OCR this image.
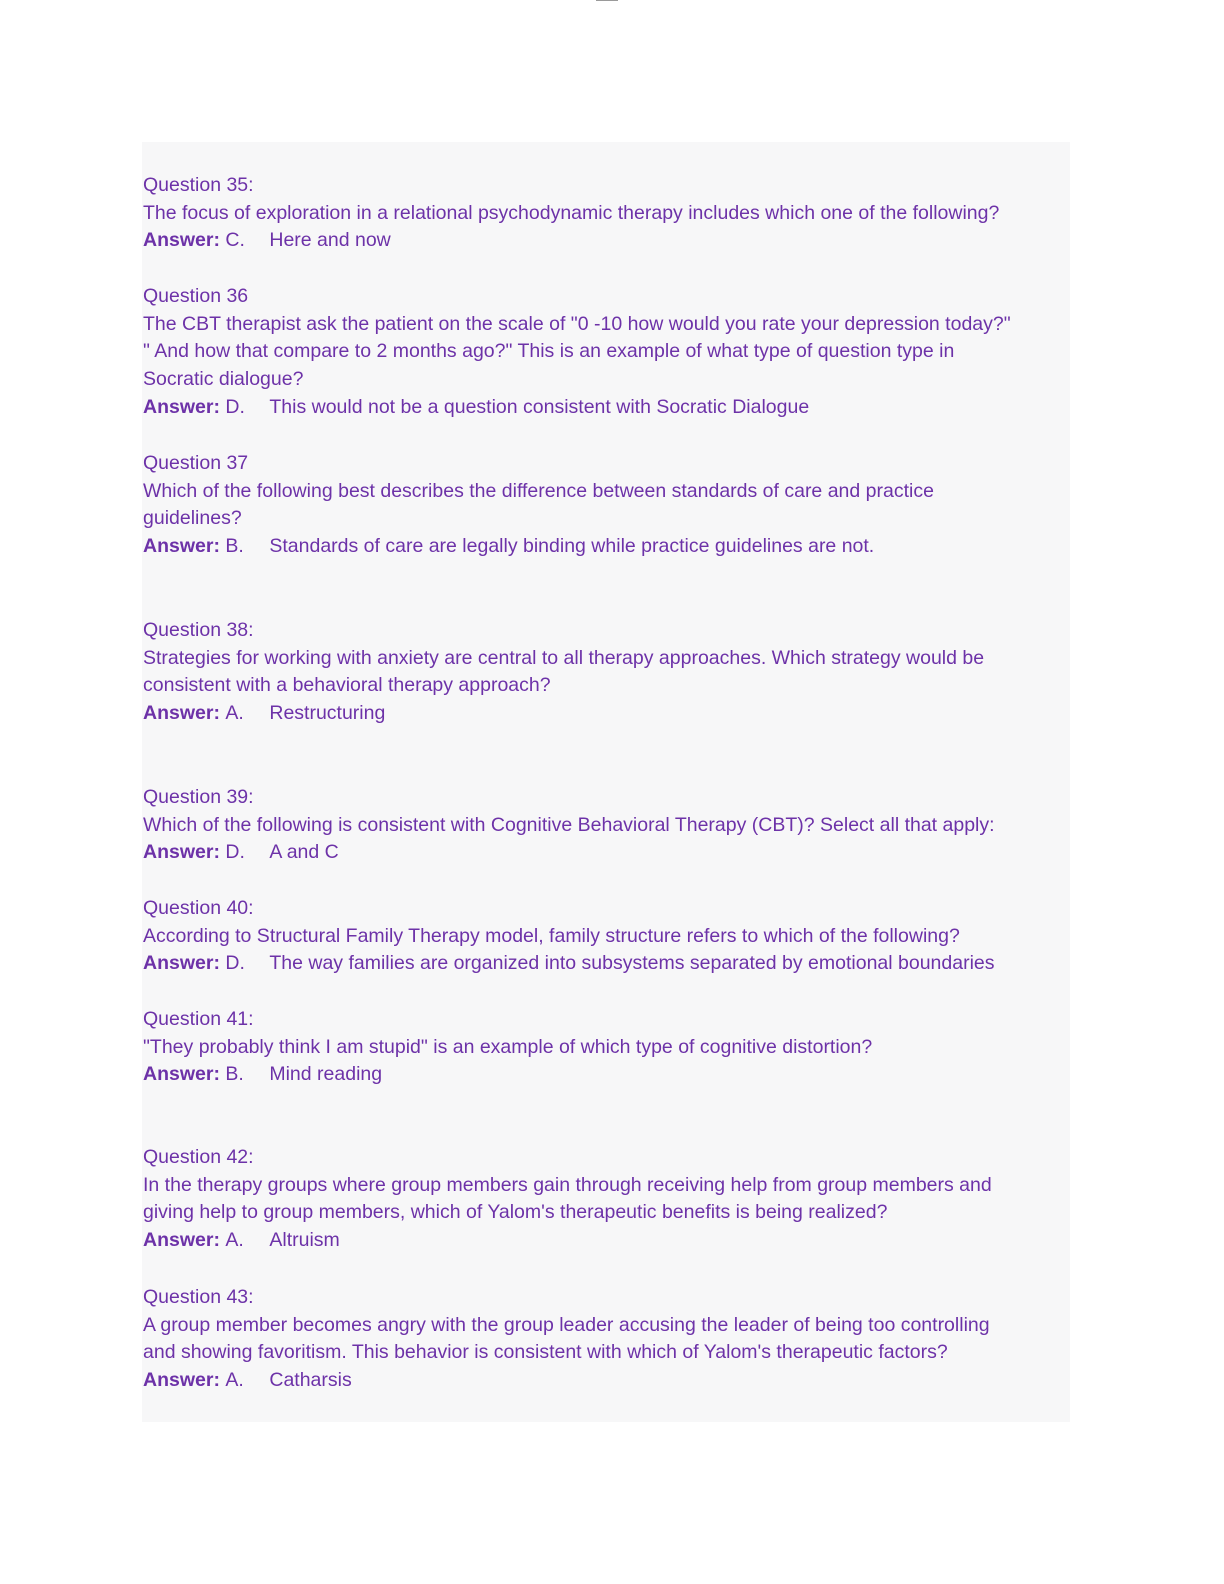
Question 35:
The focus of exploration in a relational psychodynamic therapy includes which one of the following?
Answer: C. Here and now
Question 36
The CBT therapist ask the patient on the scale of "0 -10 how would you rate your depression today?"
" And how that compare to 2 months ago?" This is an example of what type of question type in
Socratic dialogue?
Answer: D. This would not be a question consistent with Socratic Dialogue
Question 37
Which of the following best describes the difference between standards of care and practice
guidelines?
Answer: B. Standards of care are legally binding while practice guidelines are not.
Question 38:
Strategies for working with anxiety are central to all therapy approaches. Which strategy would be
consistent with a behavioral therapy approach?
Answer: A. Restructuring
Question 39:
Which of the following is consistent with Cognitive Behavioral Therapy (CBT)? Select all that apply:
Answer: D. A and C
Question 40:
According to Structural Family Therapy model, family structure refers to which of the following?
Answer: D. The way families are organized into subsystems separated by emotional boundaries
Question 41:
"They probably think I am stupid" is an example of which type of cognitive distortion?
Answer: B. Mind reading
Question 42:
In the therapy groups where group members gain through receiving help from group members and
giving help to group members, which of Yalom's therapeutic benefits is being realized?
Answer: A. Altruism
Question 43:
A group member becomes angry with the group leader accusing the leader of being too controlling
and showing favoritism. This behavior is consistent with which of Yalom's therapeutic factors?
Answer: A. Catharsis
